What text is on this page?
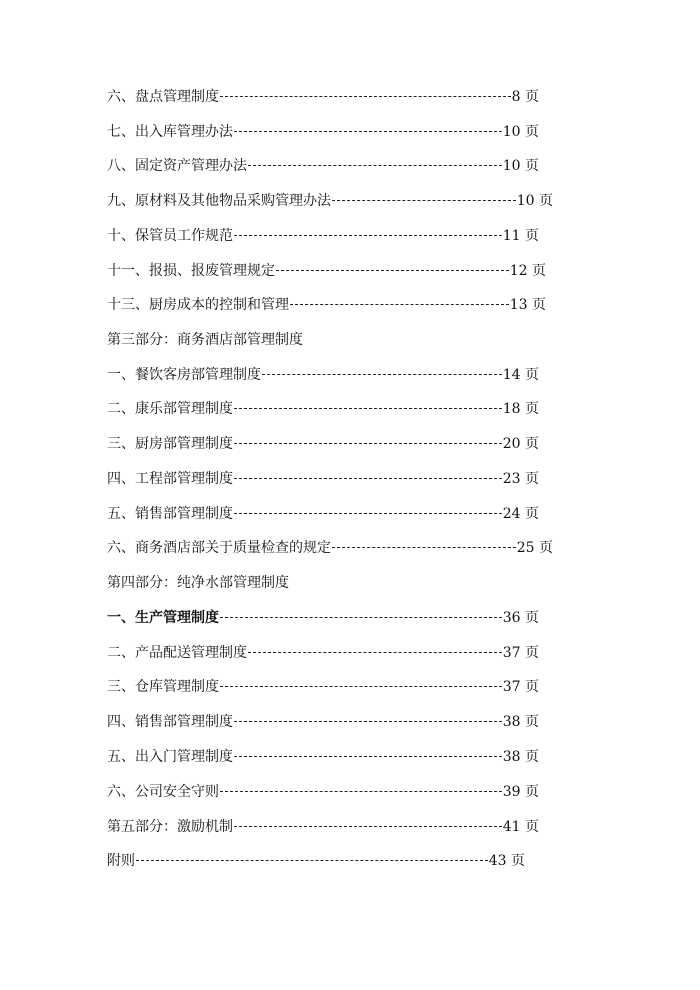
六、盘点管理制度	8 页
七、出入库管理办法	10 页
八、固定资产管理办法	10 页
九、原材料及其他物品采购管理办法	10 页
十、保管员工作规范	11 页
十一、报损、报废管理规定	12 页
十三、厨房成本的控制和管理	13 页
第三部分：商务酒店部管理制度
一、餐饮客房部管理制度	14 页
二、康乐部管理制度	18 页
三、厨房部管理制度	20 页
四、工程部管理制度	23 页
五、销售部管理制度	24 页
六、商务酒店部关于质量检查的规定	25 页
第四部分：纯净水部管理制度
一、生产管理制度	36 页
二、产品配送管理制度	37 页
三、仓库管理制度	37 页
四、销售部管理制度	38 页
五、出入门管理制度	38 页
六、公司安全守则	39 页
第五部分：激励机制	41 页
附则	43 页
